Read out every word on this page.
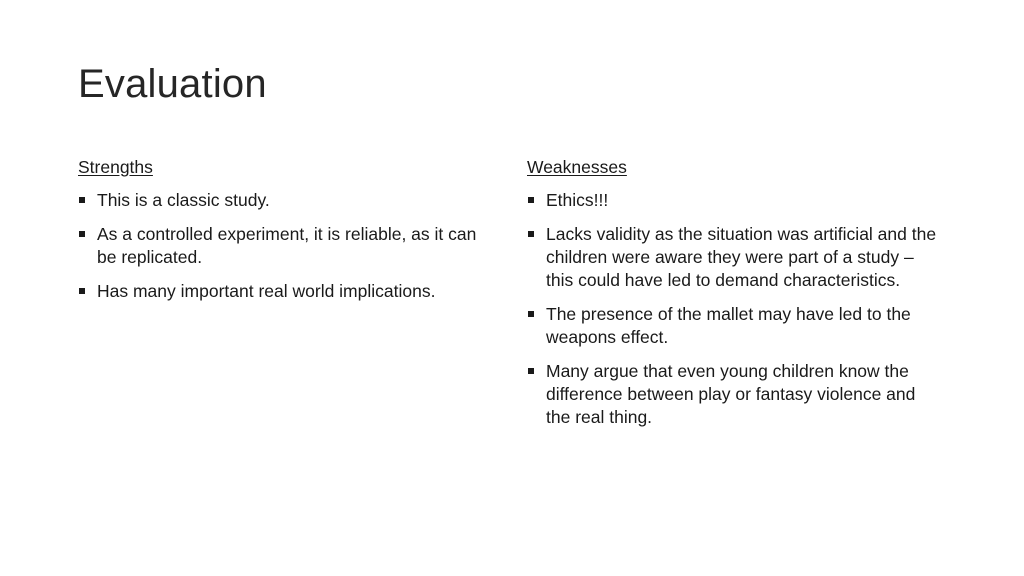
Evaluation

Strengths

This is a classic study.
As a controlled experiment, it is reliable, as it can be replicated.
Has many important real world implications.

Weaknesses

Ethics!!!
Lacks validity as the situation was artificial and the children were aware they were part of a study – this could have led to demand characteristics.
The presence of the mallet may have led to the weapons effect.
Many argue that even young children know the difference between play or fantasy violence and the real thing.
